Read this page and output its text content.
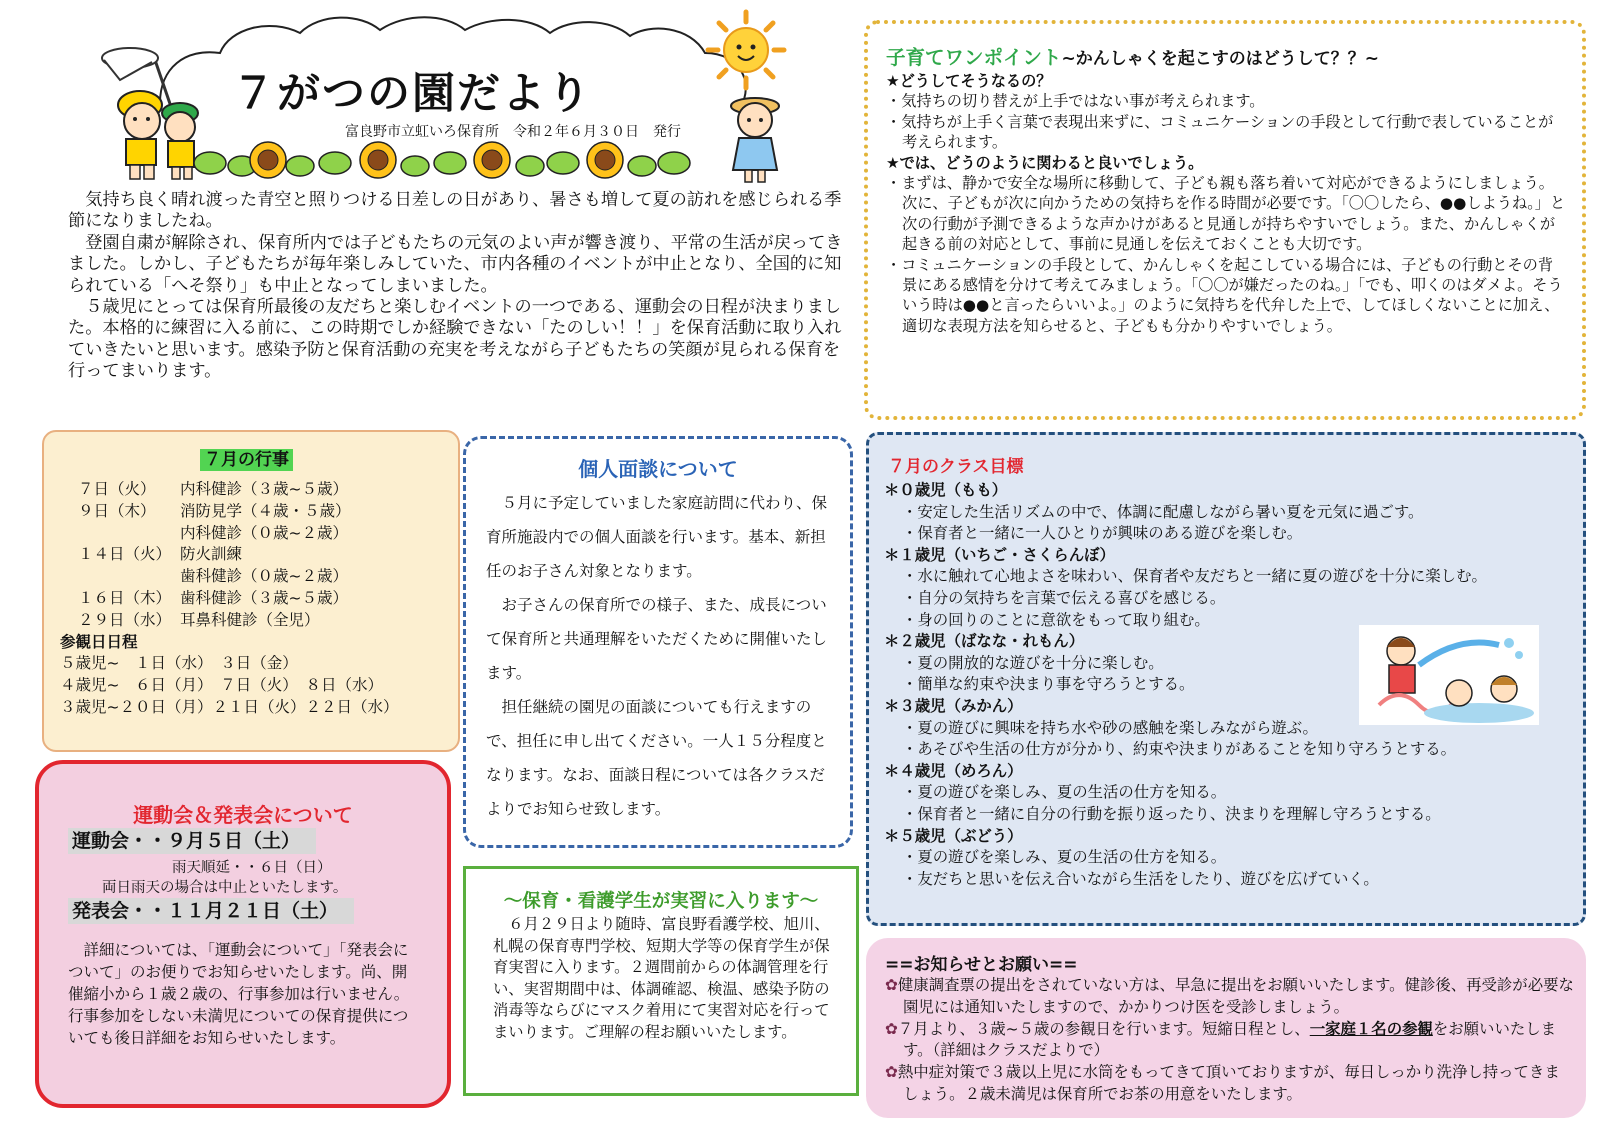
７がつの園だより
富良野市立虹いろ保育所　令和２年６月３０日　発行

気持ち良く晴れ渡った青空と照りつける日差しの日があり、暑さも増して夏の訪れを感じられる季節になりましたね。

登園自粛が解除され、保育所内では子どもたちの元気のよい声が響き渡り、平常の生活が戻ってきました。しかし、子どもたちが毎年楽しみしていた、市内各種のイベントが中止となり、全国的に知られている「へそ祭り」も中止となってしまいました。

５歳児にとっては保育所最後の友だちと楽しむイベントの一つである、運動会の日程が決まりました。本格的に練習に入る前に、この時期でしか経験できない「たのしい！！」を保育活動に取り入れていきたいと思います。感染予防と保育活動の充実を考えながら子どもたちの笑顔が見られる保育を行ってまいります。

７月の行事
７日（火）	内科健診（３歳~５歳）
９日（木）	消防見学（４歳・５歳）
内科健診（０歳~２歳）
１４日（火） 防火訓練
歯科健診（０歳~２歳）
１６日（木） 歯科健診（３歳~５歳）
２９日（水） 耳鼻科健診（全児）
参観日日程
５歳児~　１日（水）　３日（金）
４歳児~　６日（月）　７日（火）　８日（水）
３歳児~２０日（月）２１日（火）２２日（水）
運動会＆発表会について
運動会・・９月５日（土）
雨天順延・・６日（日）
両日雨天の場合は中止といたします。
発表会・・１１月２１日（土）

詳細については、「運動会について」「発表会について」のお便りでお知らせいたします。尚、開催縮小から１歳２歳の、行事参加は行いません。行事参加をしない未満児についての保育提供についても後日詳細をお知らせいたします。

個人面談について

５月に予定していました家庭訪問に代わり、保育所施設内での個人面談を行います。基本、新担任のお子さん対象となります。

お子さんの保育所での様子、また、成長について保育所と共通理解をいただくために開催いたします。

担任継続の園児の面談についても行えますので、担任に申し出てください。一人１５分程度となります。なお、面談日程については各クラスだよりでお知らせ致します。

～保育・看護学生が実習に入ります～

６月２９日より随時、富良野看護学校、旭川、札幌の保育専門学校、短期大学等の保育学生が保育実習に入ります。２週間前からの体調管理を行い、実習期間中は、体調確認、検温、感染予防の消毒等ならびにマスク着用にて実習対応を行ってまいります。ご理解の程お願いいたします。

子育てワンポイント~かんしゃくを起こすのはどうして？？~
★どうしてそうなるの？
・気持ちの切り替えが上手ではない事が考えられます。
・気持ちが上手く言葉で表現出来ずに、コミュニケーションの手段として行動で表していることが考えられます。
★では、どうのように関わると良いでしょう。
・まずは、静かで安全な場所に移動して、子ども親も落ち着いて対応ができるようにしましょう。次に、子どもが次に向かうための気持ちを作る時間が必要です。「〇〇したら、●●しようね。」と次の行動が予測できるような声かけがあると見通しが持ちやすいでしょう。また、かんしゃくが起きる前の対応として、事前に見通しを伝えておくことも大切です。
・コミュニケーションの手段として、かんしゃくを起こしている場合には、子どもの行動とその背景にある感情を分けて考えてみましょう。「〇〇が嫌だったのね。」「でも、叩くのはダメよ。そういう時は●●と言ったらいいよ。」のように気持ちを代弁した上で、してほしくないことに加え、適切な表現方法を知らせると、子どもも分かりやすいでしょう。
７月のクラス目標
＊０歳児（もも）
・安定した生活リズムの中で、体調に配慮しながら暑い夏を元気に過ごす。
・保育者と一緒に一人ひとりが興味のある遊びを楽しむ。
＊１歳児（いちご・さくらんぼ）
・水に触れて心地よさを味わい、保育者や友だちと一緒に夏の遊びを十分に楽しむ。
・自分の気持ちを言葉で伝える喜びを感じる。
・身の回りのことに意欲をもって取り組む。
＊２歳児（ばなな・れもん）
・夏の開放的な遊びを十分に楽しむ。
・簡単な約束や決まり事を守ろうとする。
＊３歳児（みかん）
・夏の遊びに興味を持ち水や砂の感触を楽しみながら遊ぶ。
・あそびや生活の仕方が分かり、約束や決まりがあることを知り守ろうとする。
＊４歳児（めろん）
・夏の遊びを楽しみ、夏の生活の仕方を知る。
・保育者と一緒に自分の行動を振り返ったり、決まりを理解し守ろうとする。
＊５歳児（ぶどう）
・夏の遊びを楽しみ、夏の生活の仕方を知る。
・友だちと思いを伝え合いながら生活をしたり、遊びを広げていく。
==お知らせとお願い==
✿健康調査票の提出をされていない方は、早急に提出をお願いいたします。健診後、再受診が必要な園児には通知いたしますので、かかりつけ医を受診しましょう。
✿７月より、３歳~５歳の参観日を行います。短縮日程とし、一家庭１名の参観をお願いいたします。（詳細はクラスだよりで）
✿熱中症対策で３歳以上児に水筒をもってきて頂いておりますが、毎日しっかり洗浄し持ってきましょう。２歳未満児は保育所でお茶の用意をいたします。
